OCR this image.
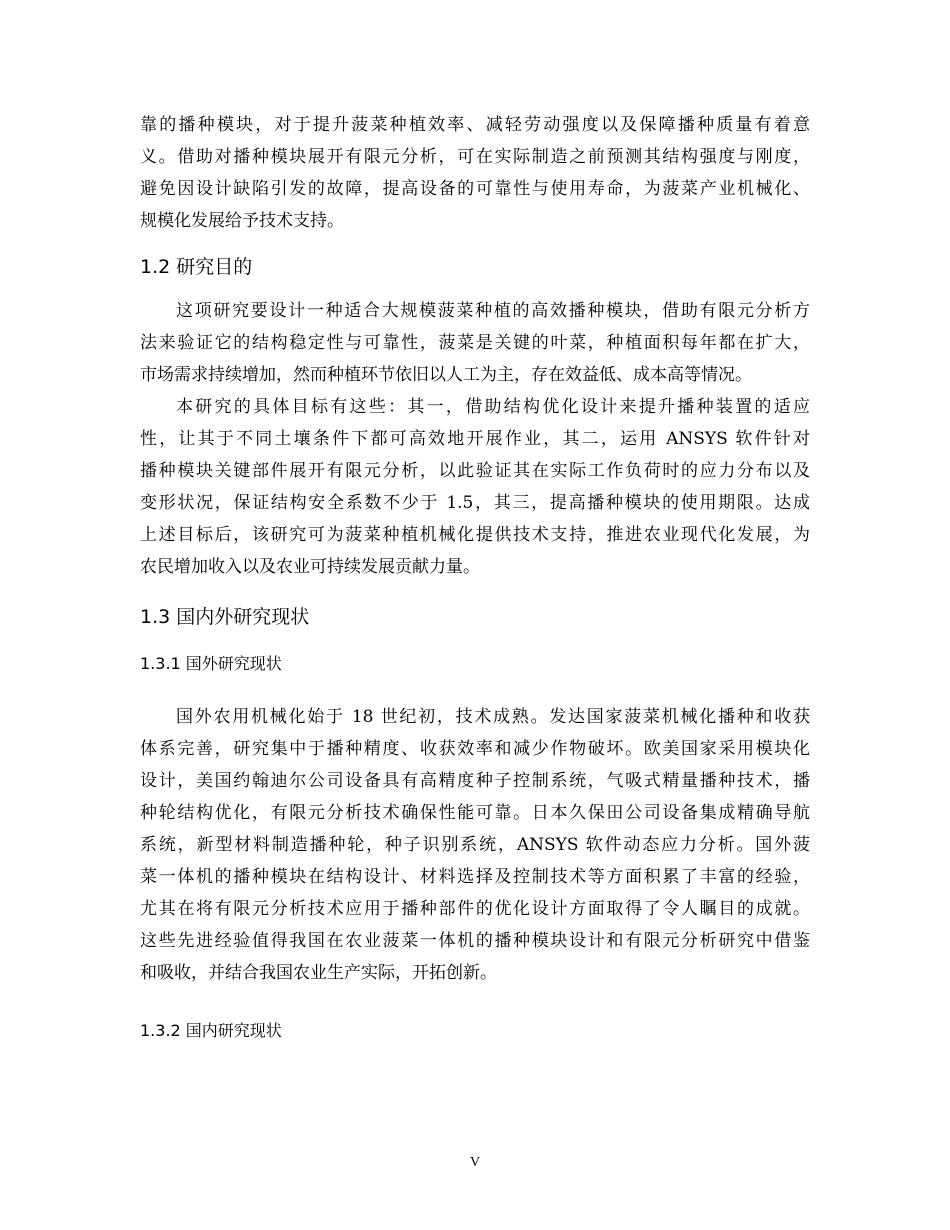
靠的播种模块，对于提升菠菜种植效率、减轻劳动强度以及保障播种质量有着意
义。借助对播种模块展开有限元分析，可在实际制造之前预测其结构强度与刚度，
避免因设计缺陷引发的故障，提高设备的可靠性与使用寿命，为菠菜产业机械化、
规模化发展给予技术支持。
1.2 研究目的
这项研究要设计一种适合大规模菠菜种植的高效播种模块，借助有限元分析方
法来验证它的结构稳定性与可靠性，菠菜是关键的叶菜，种植面积每年都在扩大，
市场需求持续增加，然而种植环节依旧以人工为主，存在效益低、成本高等情况。
本研究的具体目标有这些：其一，借助结构优化设计来提升播种装置的适应
性，让其于不同土壤条件下都可高效地开展作业，其二，运用 ANSYS 软件针对
播种模块关键部件展开有限元分析，以此验证其在实际工作负荷时的应力分布以及
变形状况，保证结构安全系数不少于 1.5，其三，提高播种模块的使用期限。达成
上述目标后，该研究可为菠菜种植机械化提供技术支持，推进农业现代化发展，为
农民增加收入以及农业可持续发展贡献力量。
1.3 国内外研究现状
1.3.1 国外研究现状
国外农用机械化始于 18 世纪初，技术成熟。发达国家菠菜机械化播种和收获
体系完善，研究集中于播种精度、收获效率和减少作物破坏。欧美国家采用模块化
设计，美国约翰迪尔公司设备具有高精度种子控制系统，气吸式精量播种技术，播
种轮结构优化，有限元分析技术确保性能可靠。日本久保田公司设备集成精确导航
系统，新型材料制造播种轮，种子识别系统，ANSYS 软件动态应力分析。国外菠
菜一体机的播种模块在结构设计、材料选择及控制技术等方面积累了丰富的经验，
尤其在将有限元分析技术应用于播种部件的优化设计方面取得了令人瞩目的成就。
这些先进经验值得我国在农业菠菜一体机的播种模块设计和有限元分析研究中借鉴
和吸收，并结合我国农业生产实际，开拓创新。
1.3.2 国内研究现状
V
